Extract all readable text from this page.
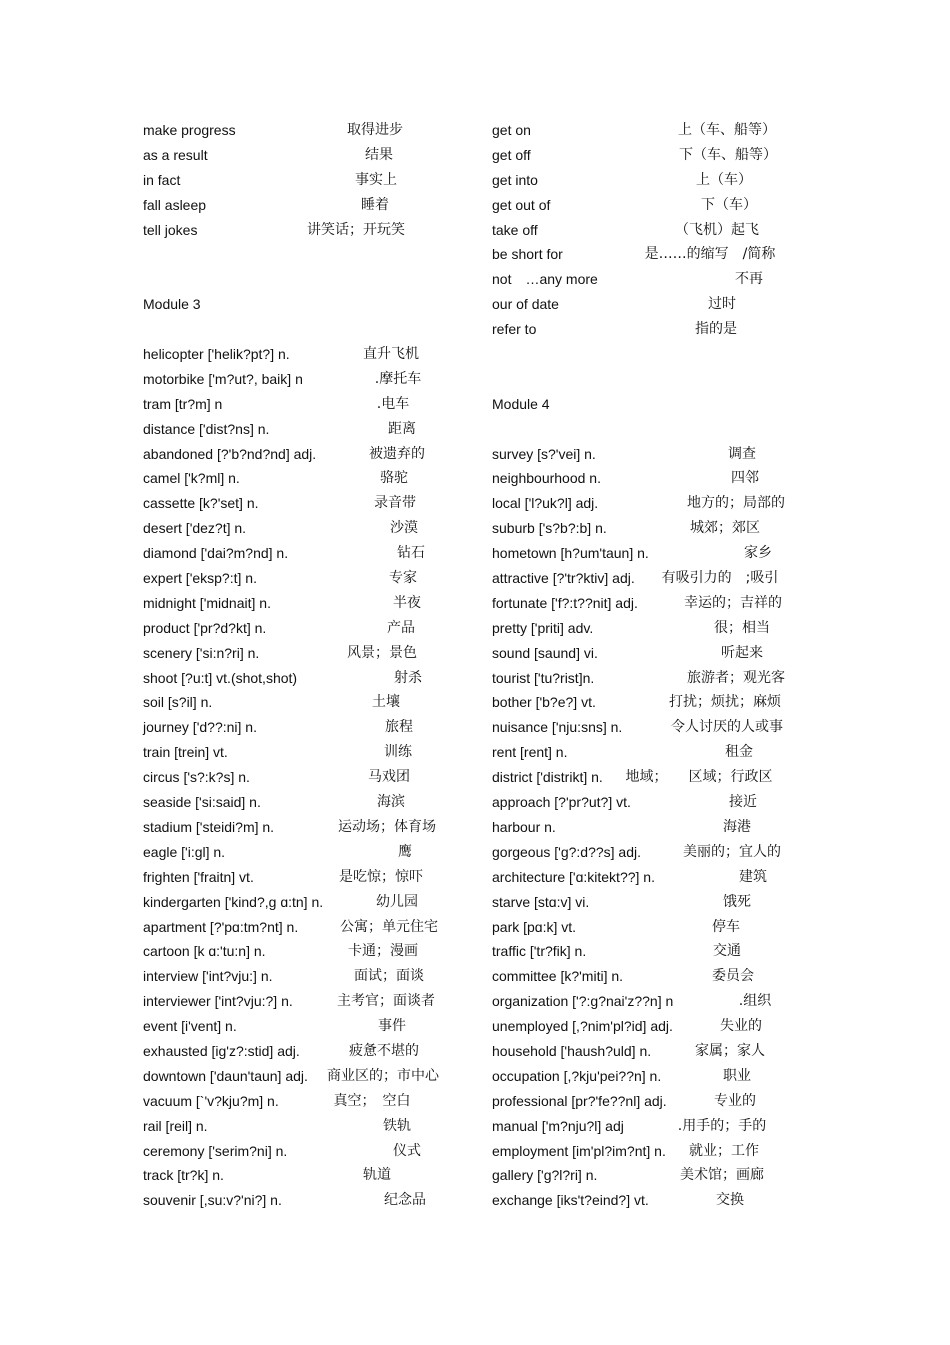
make progress	取得进步
as a result	结果
in fact	事实上
fall asleep	睡着
tell jokes	讲笑话；开玩笑
Module 3
helicopter ['helik?pt?] n.	直升飞机
motorbike ['m?ut?, baik] n	.摩托车
tram [tr?m] n	.电车
distance ['dist?ns] n.	距离
abandoned [?'b?nd?nd] adj.	被遗弃的
camel ['k?ml] n.	骆驼
cassette [k?'set] n.	录音带
desert ['dez?t] n.	沙漠
diamond ['dai?m?nd] n.	钻石
expert ['eksp?:t] n.	专家
midnight ['midnait] n.	半夜
product ['pr?d?kt] n.	产品
scenery ['si:n?ri] n.	风景；景色
shoot [?u:t] vt.(shot,shot)	射杀
soil [s?il] n.	土壤
journey ['d??:ni] n.	旅程
train [trein] vt.	训练
circus ['s?:k?s] n.	马戏团
seaside ['si:said] n.	海滨
stadium ['steidi?m] n.	运动场；体育场
eagle ['i:gl] n.	鹰
frighten ['fraitn] vt.	是吃惊；惊吓
kindergarten ['kind?,g ɑ:tn] n.	幼儿园
apartment [?'pɑ:tm?nt] n.	公寓；单元住宅
cartoon [k ɑ:'tu:n] n.	卡通；漫画
interview ['int?vju:] n.	面试；面谈
interviewer ['int?vju:?] n.	主考官；面谈者
event [i'vent] n.	事件
exhausted [ig'z?:stid] adj.	疲惫不堪的
downtown ['daun'taun] adj. 商业区的；市中心
vacuum [`'v?kju?m] n.	真空；　空白
rail [reil] n.	铁轨
ceremony ['serim?ni] n.	仪式
track [tr?k] n.	轨道
souvenir [,su:v?'ni?] n.	纪念品
get on	上（车、船等）
get off	下（车、船等）
get into	上（车）
get out of	下（车）
take off	（飞机）起飞
be short for	是……的缩写　/简称
not　…any more	不再
our of date	过时
refer to	指的是
Module 4
survey [s?'vei] n.	调查
neighbourhood n.	四邻
local ['l?uk?l] adj.	地方的；局部的
suburb ['s?b?:b] n.	城郊；郊区
hometown [h?um'taun] n.	家乡
attractive [?'tr?ktiv] adj. 有吸引力的　;吸引
fortunate ['f?:t??nit] adj.	幸运的；吉祥的
pretty ['priti] adv.	很；相当
sound [saund] vi.	听起来
tourist ['tu?rist]n.	旅游者；观光客
bother ['b?e?] vt.	打扰；烦扰；麻烦
nuisance ['nju:sns] n.	令人讨厌的人或事
rent [rent] n.	租金
district ['distrikt] n. 地域；　　区域；行政区
approach [?'pr?ut?] vt.	接近
harbour n.	海港
gorgeous ['g?:d??s] adj.	美丽的；宜人的
architecture ['ɑ:kitekt??] n.	建筑
starve [stɑ:v] vi.	饿死
park [pɑ:k] vt.	停车
traffic ['tr?fik] n.	交通
committee [k?'miti] n.	委员会
organization ['?:g?nai'z??n] n	.组织
unemployed [,?nim'pl?id] adj.	失业的
household ['haush?uld] n.	家属；家人
occupation [,?kju'pei??n] n.	职业
professional [pr?'fe??nl] adj.	专业的
manual ['m?nju?l] adj	.用手的；手的
employment [im'pl?im?nt] n. 就业；工作
gallery ['g?l?ri] n.	美术馆；画廊
exchange [iks't?eind?] vt.	交换
